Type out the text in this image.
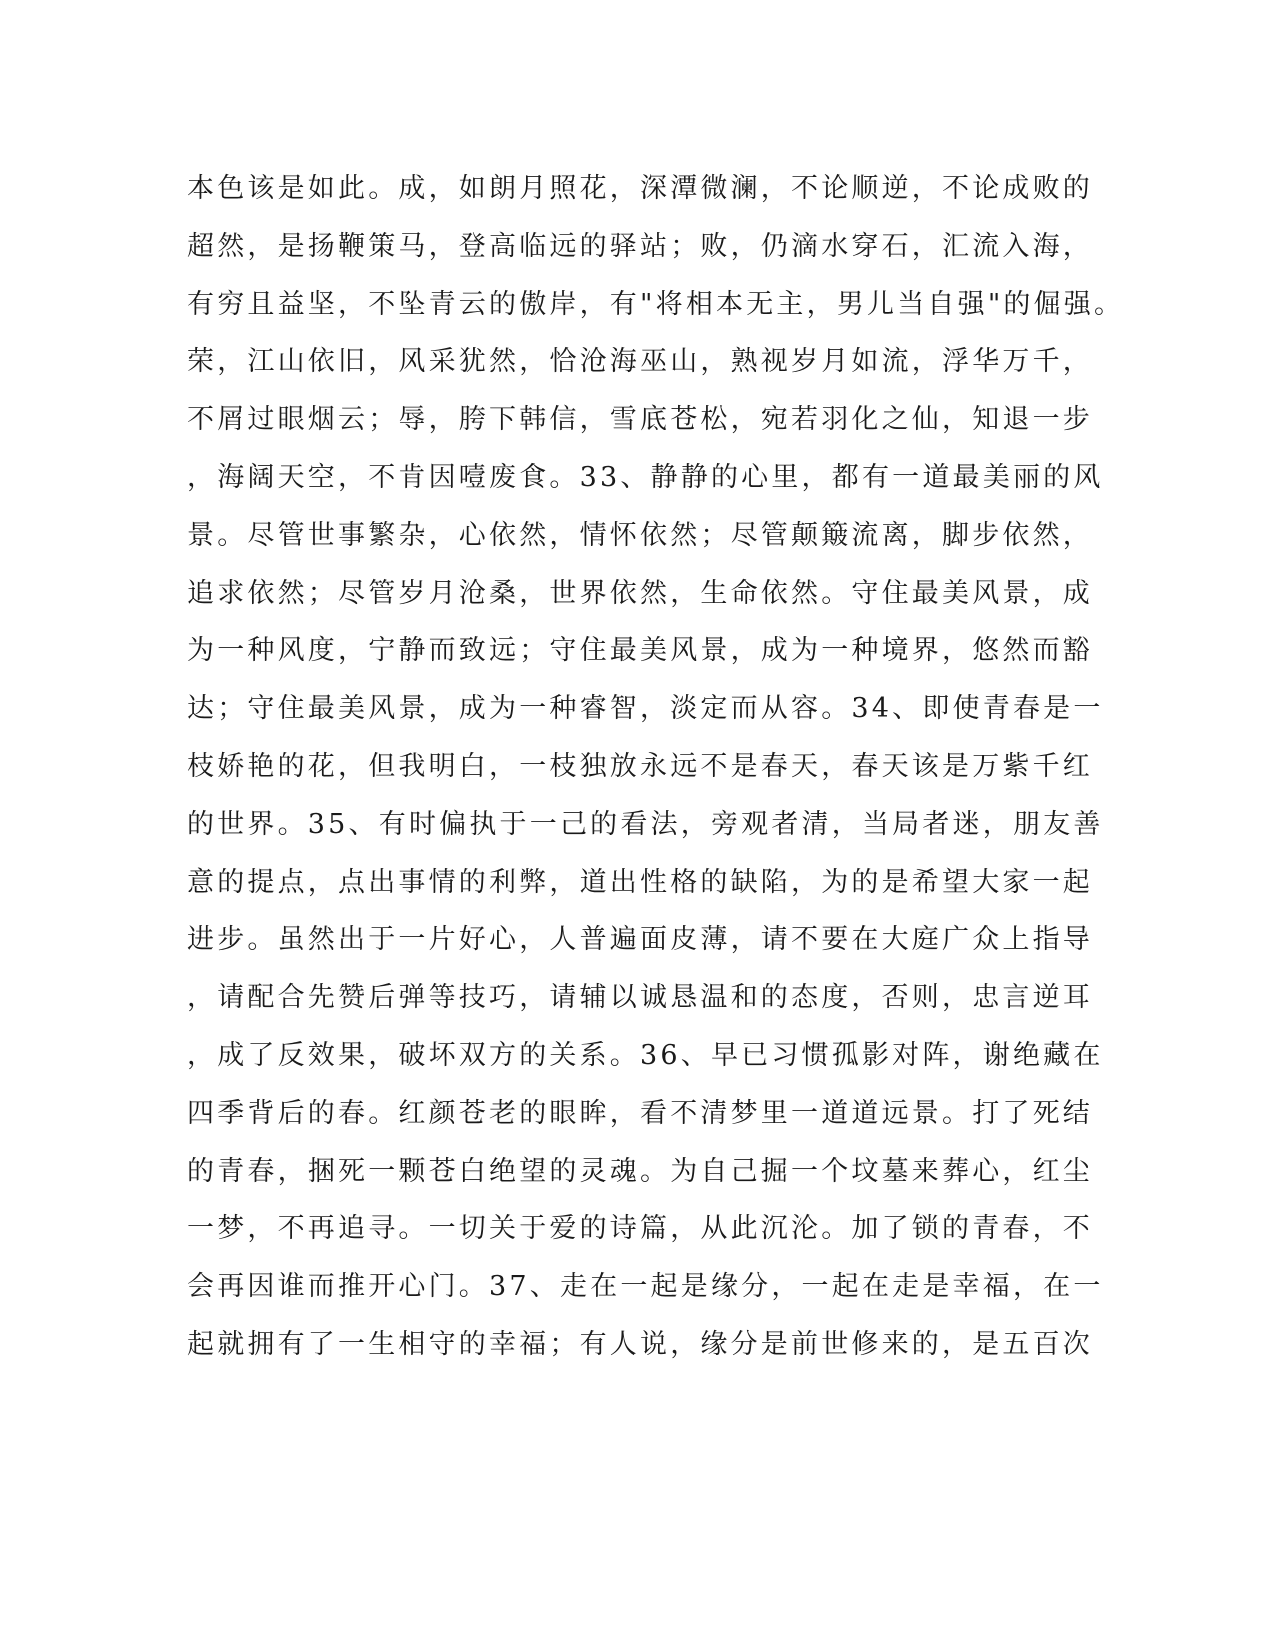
本色该是如此。成，如朗月照花，深潭微澜，不论顺逆，不论成败的
超然，是扬鞭策马，登高临远的驿站；败，仍滴水穿石，汇流入海，
有穷且益坚，不坠青云的傲岸，有"将相本无主，男儿当自强"的倔强。
荣，江山依旧，风采犹然，恰沧海巫山，熟视岁月如流，浮华万千，
不屑过眼烟云；辱，胯下韩信，雪底苍松，宛若羽化之仙，知退一步
，海阔天空，不肯因噎废食。33、静静的心里，都有一道最美丽的风
景。尽管世事繁杂，心依然，情怀依然；尽管颠簸流离，脚步依然，
追求依然；尽管岁月沧桑，世界依然，生命依然。守住最美风景，成
为一种风度，宁静而致远；守住最美风景，成为一种境界，悠然而豁
达；守住最美风景，成为一种睿智，淡定而从容。34、即使青春是一
枝娇艳的花，但我明白，一枝独放永远不是春天，春天该是万紫千红
的世界。35、有时偏执于一己的看法，旁观者清，当局者迷，朋友善
意的提点，点出事情的利弊，道出性格的缺陷，为的是希望大家一起
进步。虽然出于一片好心，人普遍面皮薄，请不要在大庭广众上指导
，请配合先赞后弹等技巧，请辅以诚恳温和的态度，否则，忠言逆耳
，成了反效果，破坏双方的关系。36、早已习惯孤影对阵，谢绝藏在
四季背后的春。红颜苍老的眼眸，看不清梦里一道道远景。打了死结
的青春，捆死一颗苍白绝望的灵魂。为自己掘一个坟墓来葬心，红尘
一梦，不再追寻。一切关于爱的诗篇，从此沉沦。加了锁的青春，不
会再因谁而推开心门。37、走在一起是缘分，一起在走是幸福，在一
起就拥有了一生相守的幸福；有人说，缘分是前世修来的，是五百次
